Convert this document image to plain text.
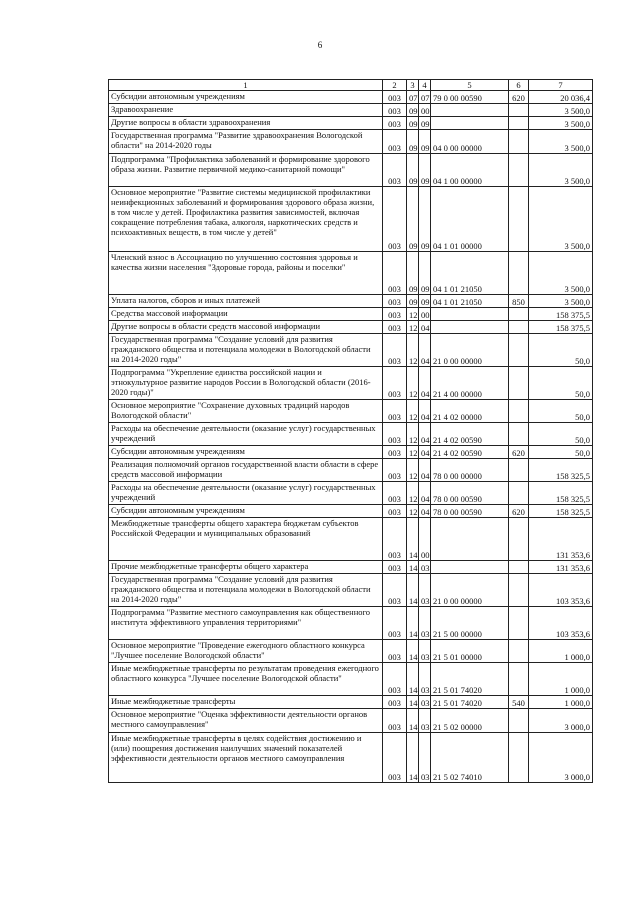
6
1	2	3	4	5	6	7
Субсидии автономным учреждениям	003	07	07	79 0 00 00590	620	20 036,4
Здравоохранение	003	09	00			3 500,0
Другие вопросы в области здравоохранения	003	09	09			3 500,0
Государственная программа "Развитие здравоохранения Вологодской области" на 2014-2020 годы	003	09	09	04 0 00 00000		3 500,0
Подпрограмма "Профилактика заболеваний и формирование здорового образа жизни. Развитие первичной медико-санитарной помощи"	003	09	09	04 1 00 00000		3 500,0
Основное мероприятие "Развитие системы медицинской профилактики неинфекционных заболеваний и формирования здорового образа жизни, в том числе у детей. Профилактика развития зависимостей, включая сокращение потребления табака, алкоголя, наркотических средств и психоактивных веществ, в том числе у детей"	003	09	09	04 1 01 00000		3 500,0
Членский взнос в Ассоциацию по улучшению состояния здоровья и качества жизни населения "Здоровые города, районы и поселки"	003	09	09	04 1 01 21050		3 500,0
Уплата налогов, сборов и иных платежей	003	09	09	04 1 01 21050	850	3 500,0
Средства массовой информации	003	12	00			158 375,5
Другие вопросы в области средств массовой информации	003	12	04			158 375,5
Государственная программа "Создание условий для развития гражданского общества и потенциала молодежи в Вологодской области на 2014-2020 годы"	003	12	04	21 0 00 00000		50,0
Подпрограмма "Укрепление единства российской нации и этнокультурное развитие народов России в Вологодской области (2016-2020 годы)"	003	12	04	21 4 00 00000		50,0
Основное мероприятие "Сохранение духовных традиций народов Вологодской области"	003	12	04	21 4 02 00000		50,0
Расходы на обеспечение деятельности (оказание услуг) государственных учреждений	003	12	04	21 4 02 00590		50,0
Субсидии автономным учреждениям	003	12	04	21 4 02 00590	620	50,0
Реализация полномочий органов государственной власти области в сфере средств массовой информации	003	12	04	78 0 00 00000		158 325,5
Расходы на обеспечение деятельности (оказание услуг) государственных учреждений	003	12	04	78 0 00 00590		158 325,5
Субсидии автономным учреждениям	003	12	04	78 0 00 00590	620	158 325,5
Межбюджетные трансферты общего характера бюджетам субъектов Российской Федерации и муниципальных образований	003	14	00			131 353,6
Прочие межбюджетные трансферты общего характера	003	14	03			131 353,6
Государственная программа "Создание условий для развития гражданского общества и потенциала молодежи в Вологодской области на 2014-2020 годы"	003	14	03	21 0 00 00000		103 353,6
Подпрограмма "Развитие местного самоуправления как общественного института эффективного управления территориями"	003	14	03	21 5 00 00000		103 353,6
Основное мероприятие "Проведение ежегодного областного конкурса "Лучшее поселение Вологодской области"	003	14	03	21 5 01 00000		1 000,0
Иные межбюджетные трансферты по результатам проведения ежегодного областного конкурса "Лучшее поселение Вологодской области"	003	14	03	21 5 01 74020		1 000,0
Иные межбюджетные трансферты	003	14	03	21 5 01 74020	540	1 000,0
Основное мероприятие "Оценка эффективности деятельности органов местного самоуправления"	003	14	03	21 5 02 00000		3 000,0
Иные межбюджетные трансферты в целях содействия достижению и (или) поощрения достижения наилучших значений показателей эффективности деятельности органов местного самоуправления	003	14	03	21 5 02 74010		3 000,0
